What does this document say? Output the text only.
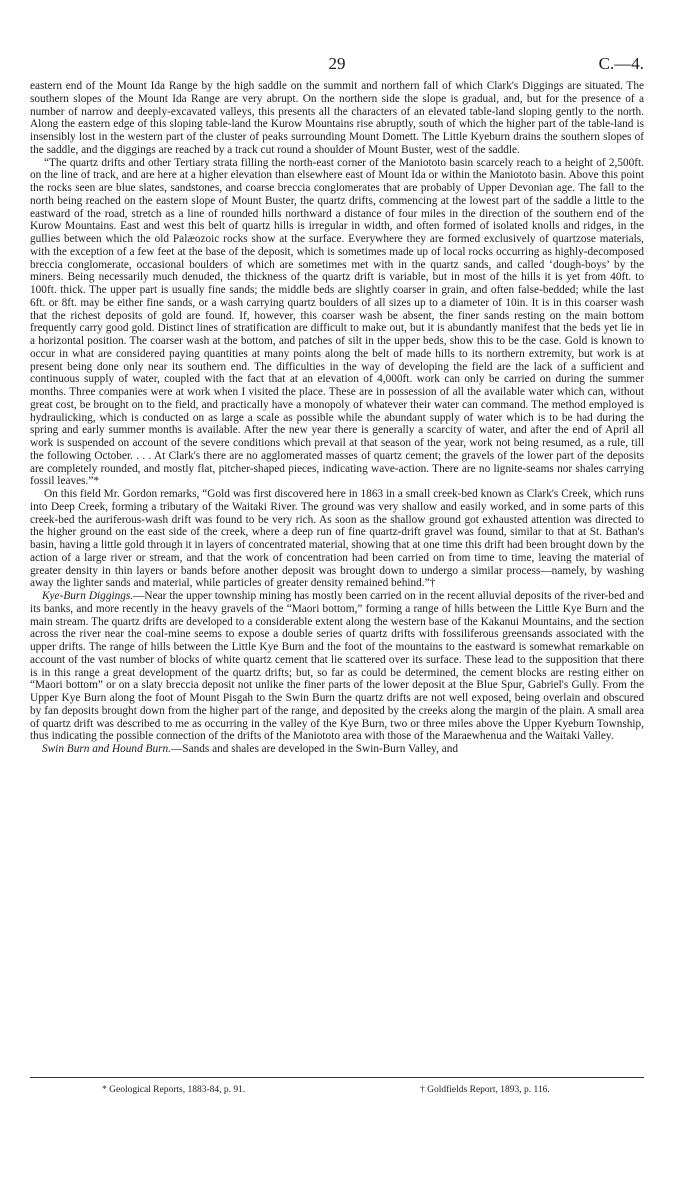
29	C.—4.

eastern end of the Mount Ida Range by the high saddle on the summit and northern fall of which Clark's Diggings are situated. The southern slopes of the Mount Ida Range are very abrupt. On the northern side the slope is gradual, and, but for the presence of a number of narrow and deeply-excavated valleys, this presents all the characters of an elevated table-land sloping gently to the north. Along the eastern edge of this sloping table-land the Kurow Mountains rise abruptly, south of which the higher part of the table-land is insensibly lost in the western part of the cluster of peaks surrounding Mount Domett. The Little Kyeburn drains the southern slopes of the saddle, and the diggings are reached by a track cut round a shoulder of Mount Buster, west of the saddle.

“The quartz drifts and other Tertiary strata filling the north-east corner of the Maniototo basin scarcely reach to a height of 2,500ft. on the line of track, and are here at a higher elevation than elsewhere east of Mount Ida or within the Maniototo basin. Above this point the rocks seen are blue slates, sandstones, and coarse breccia conglomerates that are probably of Upper Devonian age. The fall to the north being reached on the eastern slope of Mount Buster, the quartz drifts, commencing at the lowest part of the saddle a little to the eastward of the road, stretch as a line of rounded hills northward a distance of four miles in the direction of the southern end of the Kurow Mountains. East and west this belt of quartz hills is irregular in width, and often formed of isolated knolls and ridges, in the gullies between which the old Palæozoic rocks show at the surface. Everywhere they are formed exclusively of quartzose materials, with the exception of a few feet at the base of the deposit, which is sometimes made up of local rocks occurring as highly-decomposed breccia conglomerate, occasional boulders of which are sometimes met with in the quartz sands, and called ‘dough-boys’ by the miners. Being necessarily much denuded, the thickness of the quartz drift is variable, but in most of the hills it is yet from 40ft. to 100ft. thick. The upper part is usually fine sands; the middle beds are slightly coarser in grain, and often false-bedded; while the last 6ft. or 8ft. may be either fine sands, or a wash carrying quartz boulders of all sizes up to a diameter of 10in. It is in this coarser wash that the richest deposits of gold are found. If, however, this coarser wash be absent, the finer sands resting on the main bottom frequently carry good gold. Distinct lines of stratification are difficult to make out, but it is abundantly manifest that the beds yet lie in a horizontal position. The coarser wash at the bottom, and patches of silt in the upper beds, show this to be the case. Gold is known to occur in what are considered paying quantities at many points along the belt of made hills to its northern extremity, but work is at present being done only near its southern end. The difficulties in the way of developing the field are the lack of a sufficient and continuous supply of water, coupled with the fact that at an elevation of 4,000ft. work can only be carried on during the summer months. Three companies were at work when I visited the place. These are in possession of all the available water which can, without great cost, be brought on to the field, and practically have a monopoly of whatever their water can command. The method employed is hydraulicking, which is conducted on as large a scale as possible while the abundant supply of water which is to be had during the spring and early summer months is available. After the new year there is generally a scarcity of water, and after the end of April all work is suspended on account of the severe conditions which prevail at that season of the year, work not being resumed, as a rule, till the following October. . . . At Clark's there are no agglomerated masses of quartz cement; the gravels of the lower part of the deposits are completely rounded, and mostly flat, pitcher-shaped pieces, indicating wave-action. There are no lignite-seams nor shales carrying fossil leaves.”*

On this field Mr. Gordon remarks, “Gold was first discovered here in 1863 in a small creek-bed known as Clark's Creek, which runs into Deep Creek, forming a tributary of the Waitaki River. The ground was very shallow and easily worked, and in some parts of this creek-bed the auriferous-wash drift was found to be very rich. As soon as the shallow ground got exhausted attention was directed to the higher ground on the east side of the creek, where a deep run of fine quartz-drift gravel was found, similar to that at St. Bathan's basin, having a little gold through it in layers of concentrated material, showing that at one time this drift had been brought down by the action of a large river or stream, and that the work of concentration had been carried on from time to time, leaving the material of greater density in thin layers or bands before another deposit was brought down to undergo a similar process—namely, by washing away the lighter sands and material, while particles of greater density remained behind.”†

Kye-Burn Diggings.—Near the upper township mining has mostly been carried on in the recent alluvial deposits of the river-bed and its banks, and more recently in the heavy gravels of the “Maori bottom,” forming a range of hills between the Little Kye Burn and the main stream. The quartz drifts are developed to a considerable extent along the western base of the Kakanui Mountains, and the section across the river near the coal-mine seems to expose a double series of quartz drifts with fossiliferous greensands associated with the upper drifts. The range of hills between the Little Kye Burn and the foot of the mountains to the eastward is somewhat remarkable on account of the vast number of blocks of white quartz cement that lie scattered over its surface. These lead to the supposition that there is in this range a great development of the quartz drifts; but, so far as could be determined, the cement blocks are resting either on “Maori bottom” or on a slaty breccia deposit not unlike the finer parts of the lower deposit at the Blue Spur, Gabriel's Gully. From the Upper Kye Burn along the foot of Mount Pisgah to the Swin Burn the quartz drifts are not well exposed, being overlain and obscured by fan deposits brought down from the higher part of the range, and deposited by the creeks along the margin of the plain. A small area of quartz drift was described to me as occurring in the valley of the Kye Burn, two or three miles above the Upper Kyeburn Township, thus indicating the possible connection of the drifts of the Maniototo area with those of the Maraewhenua and the Waitaki Valley.

Swin Burn and Hound Burn.—Sands and shales are developed in the Swin-Burn Valley, and

* Geological Reports, 1883-84, p. 91.	† Goldfields Report, 1893, p. 116.
